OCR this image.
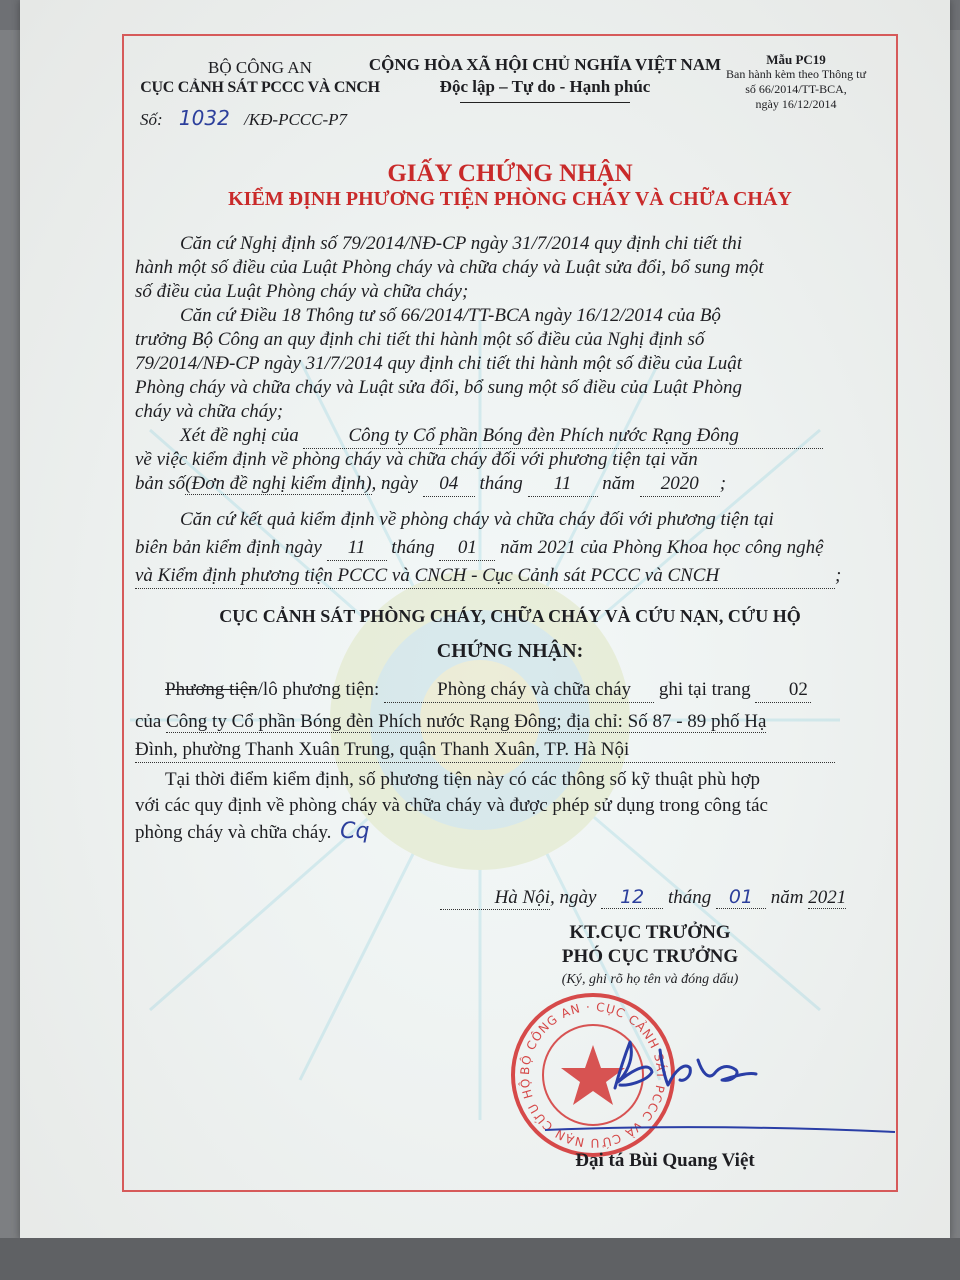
BỘ CÔNG AN
CỤC CẢNH SÁT PCCC VÀ CNCH
Số: 1032 /KĐ-PCCC-P7
CỘNG HÒA XÃ HỘI CHỦ NGHĨA VIỆT NAM
Độc lập – Tự do - Hạnh phúc
Mẫu PC19
Ban hành kèm theo Thông tư
số 66/2014/TT-BCA,
ngày 16/12/2014
GIẤY CHỨNG NHẬN
KIỂM ĐỊNH PHƯƠNG TIỆN PHÒNG CHÁY VÀ CHỮA CHÁY
Căn cứ Nghị định số 79/2014/NĐ-CP ngày 31/7/2014 quy định chi tiết thi
hành một số điều của Luật Phòng cháy và chữa cháy và Luật sửa đổi, bổ sung một
số điều của Luật Phòng cháy và chữa cháy;
Căn cứ Điều 18 Thông tư số 66/2014/TT-BCA ngày 16/12/2014 của Bộ
trưởng Bộ Công an quy định chi tiết thi hành một số điều của Nghị định số
79/2014/NĐ-CP ngày 31/7/2014 quy định chi tiết thi hành một số điều của Luật
Phòng cháy và chữa cháy và Luật sửa đổi, bổ sung một số điều của Luật Phòng
cháy và chữa cháy;
Xét đề nghị của	Công ty Cổ phần Bóng đèn Phích nước Rạng Đông
về việc kiểm định về phòng cháy và chữa cháy đối với phương tiện tại văn
bản số(Đơn đề nghị kiểm định), ngày 04 tháng 11 năm 2020 ;
Căn cứ kết quả kiểm định về phòng cháy và chữa cháy đối với phương tiện tại
biên bản kiểm định ngày 11 tháng 01 năm 2021 của Phòng Khoa học công nghệ
và Kiểm định phương tiện PCCC và CNCH - Cục Cảnh sát PCCC và CNCH	;
CỤC CẢNH SÁT PHÒNG CHÁY, CHỮA CHÁY VÀ CỨU NẠN, CỨU HỘ
CHỨNG NHẬN:
Phương tiện/lô phương tiện:	Phòng cháy và chữa cháy ghi tại trang 02
của Công ty Cổ phần Bóng đèn Phích nước Rạng Đông; địa chỉ: Số 87 - 89 phố Hạ
Đình, phường Thanh Xuân Trung, quận Thanh Xuân, TP. Hà Nội
Tại thời điểm kiểm định, số phương tiện này có các thông số kỹ thuật phù hợp
với các quy định về phòng cháy và chữa cháy và được phép sử dụng trong công tác
phòng cháy và chữa cháy. Cq
Hà Nội, ngày 12 tháng 01 năm 2021
KT.CỤC TRƯỞNG
PHÓ CỤC TRƯỞNG
(Ký, ghi rõ họ tên và đóng dấu)
BỘ CÔNG AN · CỤC CẢNH SÁT PCCC VÀ CỨU NẠN CỨU HỘ
Đại tá Bùi Quang Việt
